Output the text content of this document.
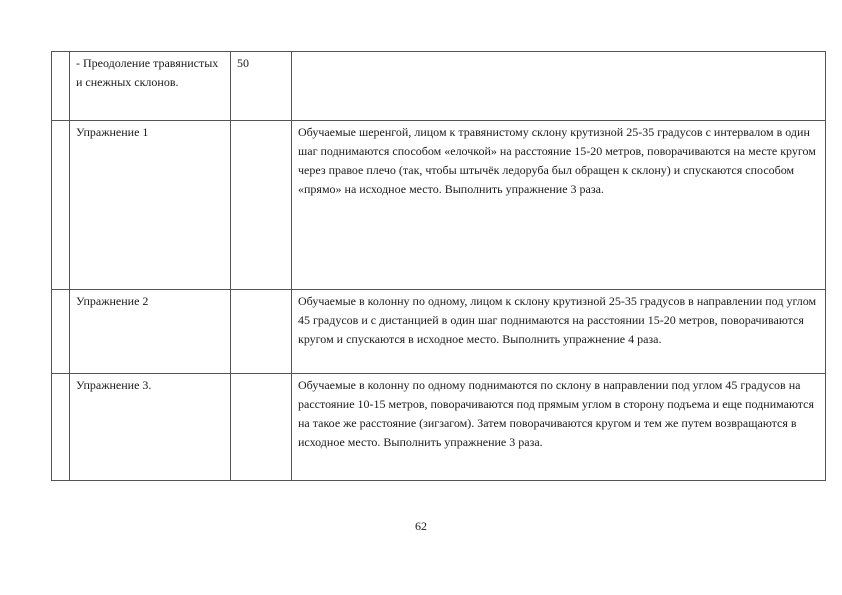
	- Преодоление травянистых и снежных склонов.	50	
	Упражнение 1		Обучаемые шеренгой, лицом к травянистому склону крутизной 25-35 градусов с интервалом в один шаг поднимаются способом «елочкой» на расстояние 15-20 метров, поворачиваются на месте кругом через правое плечо (так, чтобы штычёк ледоруба был обращен к склону) и спускаются способом «прямо» на исходное место. Выполнить упражнение 3 раза.
	Упражнение 2		Обучаемые в колонну по одному, лицом к склону крутизной 25-35 градусов в направлении под углом 45 градусов и с дистанцией в один шаг поднимаются на расстоянии 15-20 метров, поворачиваются кругом и спускаются в исходное место. Выполнить упражнение 4 раза.
	Упражнение 3.		Обучаемые в колонну по одному поднимаются по склону в направлении под углом 45 градусов на расстояние 10-15 метров, поворачиваются под прямым углом в сторону подъема и еще поднимаются на такое же расстояние (зигзагом). Затем поворачиваются кругом и тем же путем возвращаются в исходное место. Выполнить упражнение 3 раза.
62
